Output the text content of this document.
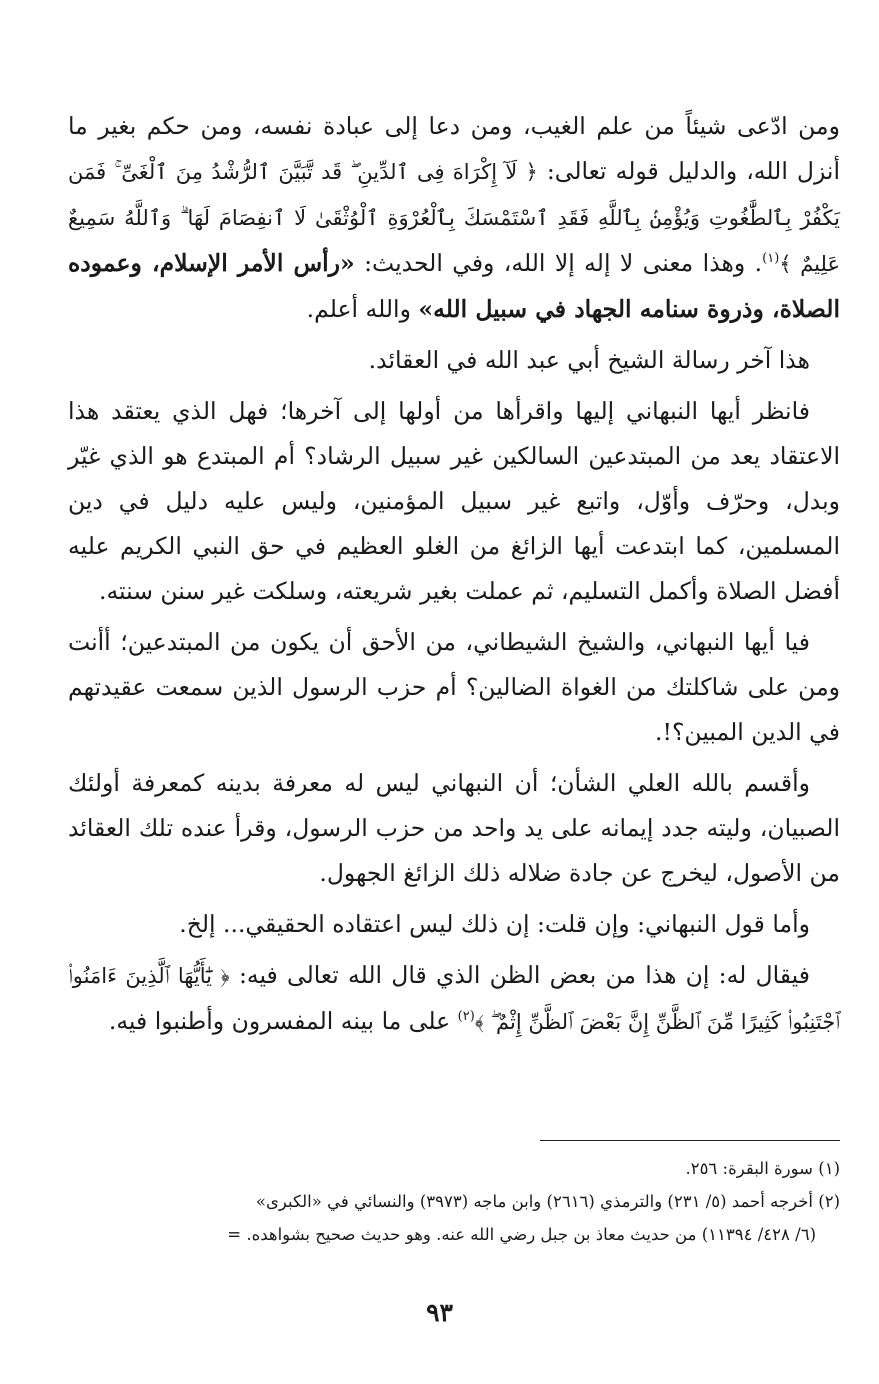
ومن ادّعى شيئاً من علم الغيب، ومن دعا إلى عبادة نفسه، ومن حكم بغير ما أنزل الله، والدليل قوله تعالى: ﴿ لَآ إِكْرَاهَ فِى ٱلدِّينِ ۖ قَد تَّبَيَّنَ ٱلرُّشْدُ مِنَ ٱلْغَىِّ ۚ فَمَن يَكْفُرْ بِٱلطَّٰغُوتِ وَيُؤْمِنۢ بِٱللَّهِ فَقَدِ ٱسْتَمْسَكَ بِٱلْعُرْوَةِ ٱلْوُثْقَىٰ لَا ٱنفِصَامَ لَهَا ۗ وَٱللَّهُ سَمِيعٌ عَلِيمٌ ﴾$^{(١)}$. وهذا معنى لا إله إلا الله، وفي الحديث: «رأس الأمر الإسلام، وعموده الصلاة، وذروة سنامه الجهاد في سبيل الله» والله أعلم.

هذا آخر رسالة الشيخ أبي عبد الله في العقائد.

فانظر أيها النبهاني إليها واقرأها من أولها إلى آخرها؛ فهل الذي يعتقد هذا الاعتقاد يعد من المبتدعين السالكين غير سبيل الرشاد؟ أم المبتدع هو الذي غيّر وبدل، وحرّف وأوّل، واتبع غير سبيل المؤمنين، وليس عليه دليل في دين المسلمين، كما ابتدعت أيها الزائغ من الغلو العظيم في حق النبي الكريم عليه أفضل الصلاة وأكمل التسليم، ثم عملت بغير شريعته، وسلكت غير سنن سنته.

فيا أيها النبهاني، والشيخ الشيطاني، من الأحق أن يكون من المبتدعين؛ أأنت ومن على شاكلتك من الغواة الضالين؟ أم حزب الرسول الذين سمعت عقيدتهم في الدين المبين؟!.

وأقسم بالله العلي الشأن؛ أن النبهاني ليس له معرفة بدينه كمعرفة أولئك الصبيان، وليته جدد إيمانه على يد واحد من حزب الرسول، وقرأ عنده تلك العقائد من الأصول، ليخرج عن جادة ضلاله ذلك الزائغ الجهول.

وأما قول النبهاني: وإن قلت: إن ذلك ليس اعتقاده الحقيقي... إلخ.

فيقال له: إن هذا من بعض الظن الذي قال الله تعالى فيه: ﴿ يَٰٓأَيُّهَا ٱلَّذِينَ ءَامَنُوا۟ ٱجْتَنِبُوا۟ كَثِيرًا مِّنَ ٱلظَّنِّ إِنَّ بَعْضَ ٱلظَّنِّ إِثْمٌ ۖ ﴾$^{(٢)}$ على ما بينه المفسرون وأطنبوا فيه.

(١) سورة البقرة: ٢٥٦.

(٢) أخرجه أحمد (٥/ ٢٣١) والترمذي (٢٦١٦) وابن ماجه (٣٩٧٣) والنسائي في «الكبرى»

(٦/ ٤٢٨/ ١١٣٩٤) من حديث معاذ بن جبل رضي الله عنه. وهو حديث صحيح بشواهده. =

٩٣
